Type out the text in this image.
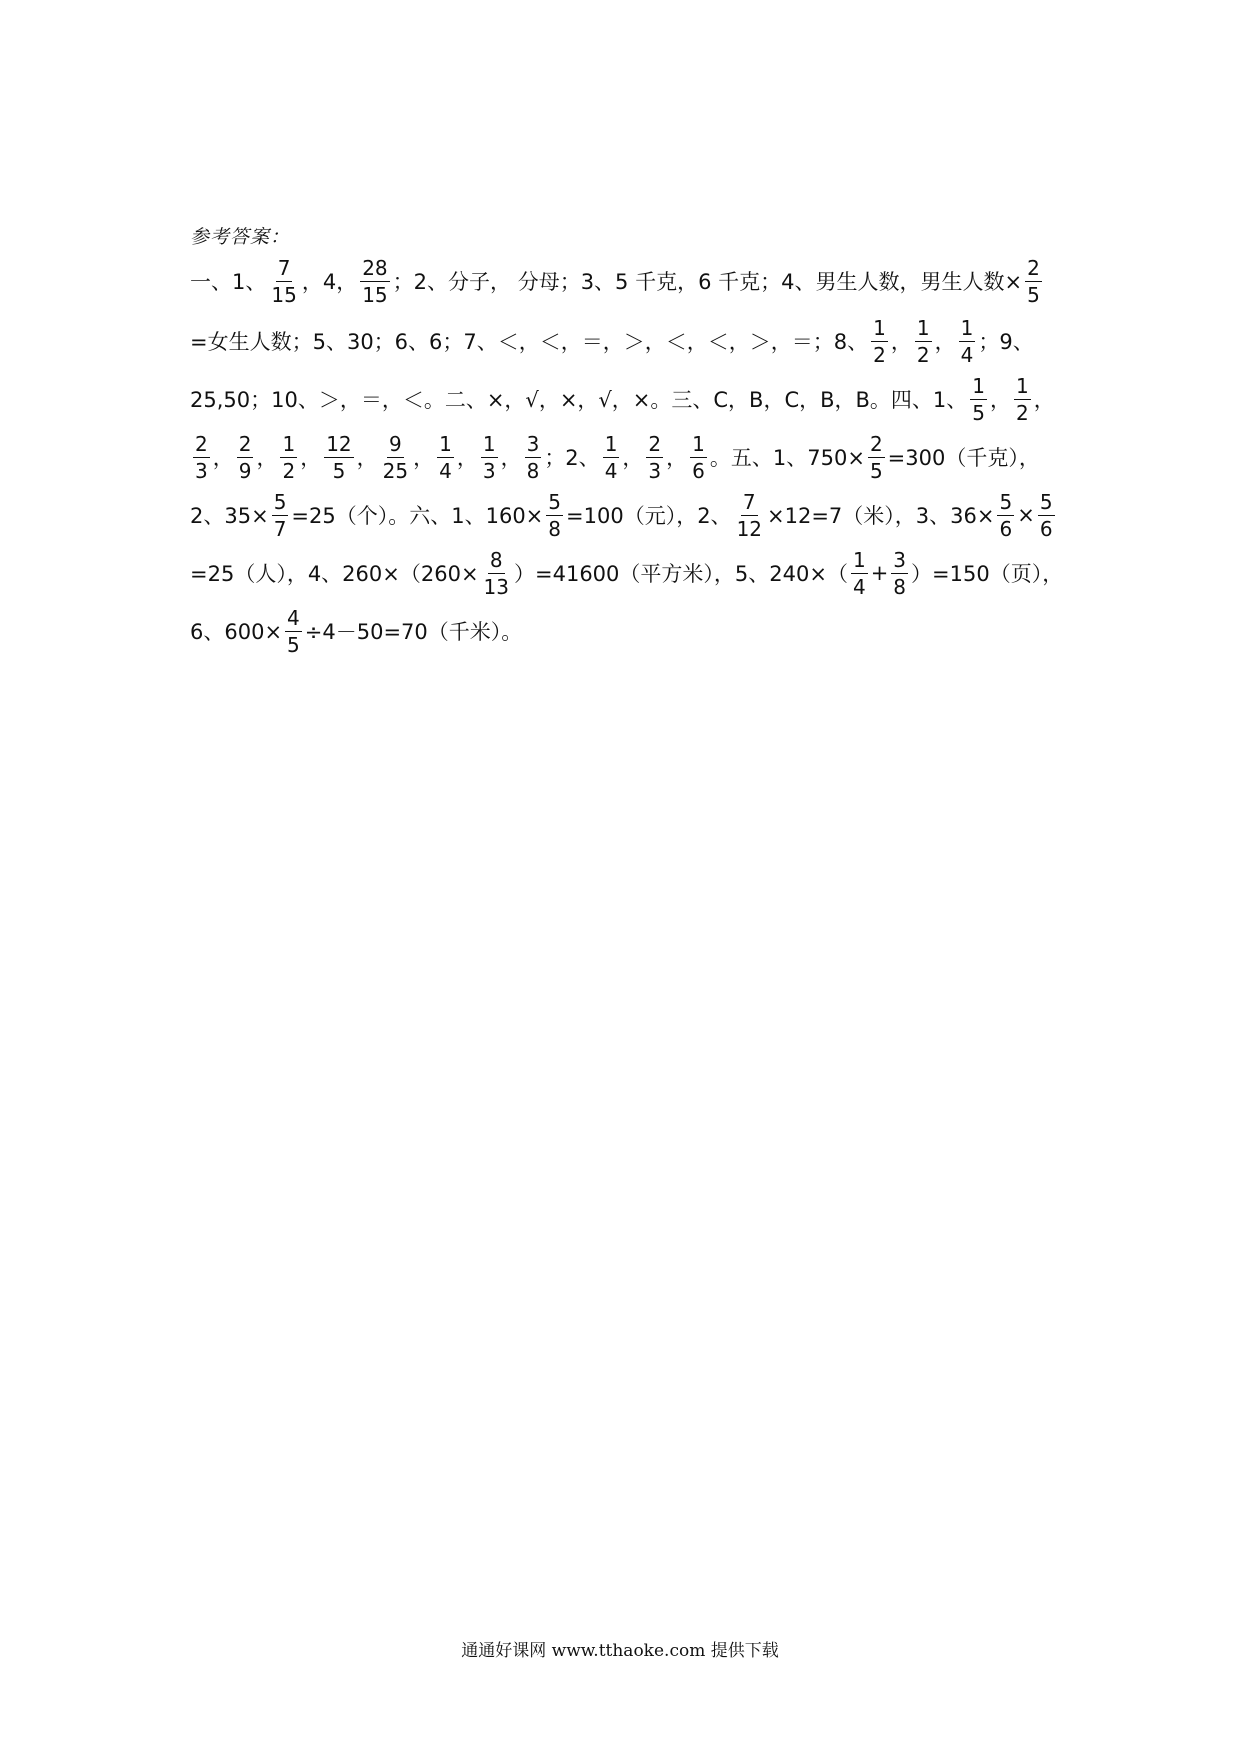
参考答案：
一、1、 $\frac{7}{15}$ ，4， $\frac{28}{15}$ ；2、分子， 分母；3、5 千克，6 千克；4、男生人数，男生人数× $\frac{2}{5}$
=女生人数；5、30；6、6；7、＜，＜，＝，＞，＜，＜，＞，＝；8、 $\frac{1}{2}$ ， $\frac{1}{2}$ ， $\frac{1}{4}$ ；9、
25,50；10、＞，＝，＜。二、×，√，×，√，×。三、C，B，C，B，B。四、1、 $\frac{1}{5}$ ， $\frac{1}{2}$ ，
$\frac{2}{3}$ ， $\frac{2}{9}$ ， $\frac{1}{2}$ ， $\frac{12}{5}$ ， $\frac{9}{25}$ ， $\frac{1}{4}$ ， $\frac{1}{3}$ ， $\frac{3}{8}$ ；2、 $\frac{1}{4}$ ， $\frac{2}{3}$ ， $\frac{1}{6}$ 。五、1、$750\times \frac{2}{5} =300$（千克），
2、$35\times \frac{5}{7} =25$（个）。六、1、$160\times \frac{5}{8} =100$（元），2、 $\frac{7}{12} \times 12=7$（米），3、$36\times \frac{5}{6} \times \frac{5}{6}$
=25（人），4、$260\times(260\times \frac{8}{13} )=41600$（平方米），5、$240\times( \frac{1}{4} + \frac{3}{8} )=150$（页），
6、$600\times \frac{4}{5} \div 4-50=70$（千米）。
通通好课网 www.tthaoke.com 提供下载
